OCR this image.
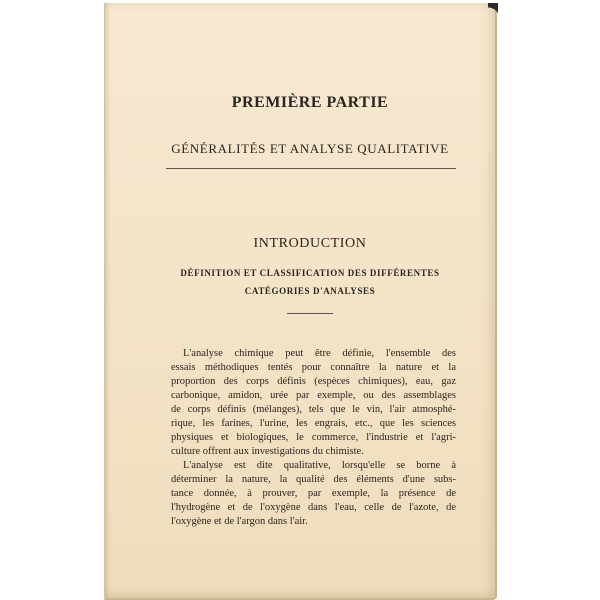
PREMIÈRE PARTIE
GÉNÉRALITÉS ET ANALYSE QUALITATIVE
INTRODUCTION
DÉFINITION ET CLASSIFICATION DES DIFFÉRENTES
CATÉGORIES D'ANALYSES
L'analyse chimique peut être définie, l'ensemble des
essais méthodiques tentés pour connaître la nature et la
proportion des corps définis (espèces chimiques), eau, gaz
carbonique, amidon, urée par exemple, ou des assemblages
de corps définis (mélanges), tels que le vin, l'air atmosphé-
rique, les farines, l'urine, les engrais, etc., que les sciences
physiques et biologiques, le commerce, l'industrie et l'agri-
culture offrent aux investigations du chimiste.
L'analyse est dite qualitative, lorsqu'elle se borne à
déterminer la nature, la qualité des éléments d'une subs-
tance donnée, à prouver, par exemple, la présence de
l'hydrogène et de l'oxygène dans l'eau, celle de l'azote, de
l'oxygène et de l'argon dans l'air.
